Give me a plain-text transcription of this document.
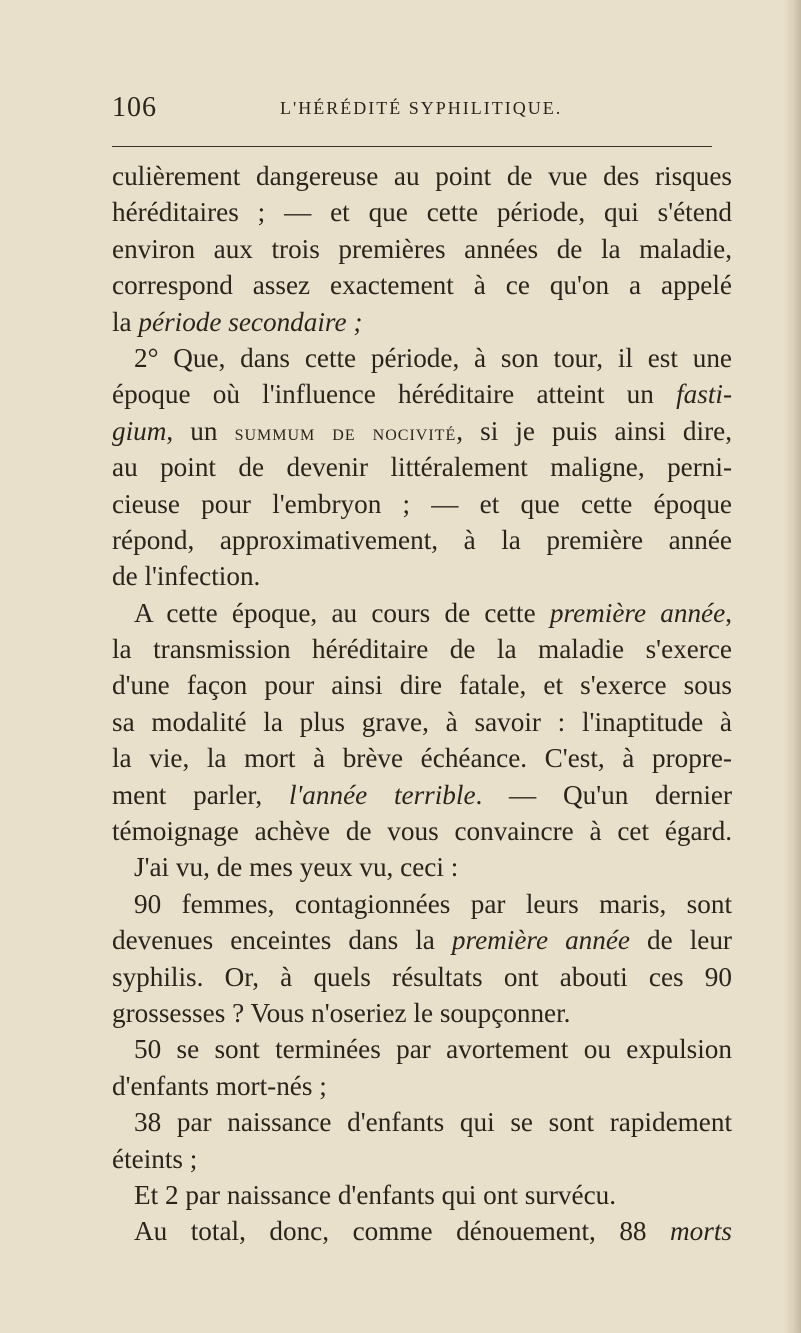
106	L'HÉRÉDITÉ SYPHILITIQUE.
culièrement dangereuse au point de vue des risques
héréditaires ; — et que cette période, qui s'étend
environ aux trois premières années de la maladie,
correspond assez exactement à ce qu'on a appelé
la période secondaire ;
2° Que, dans cette période, à son tour, il est une
époque où l'influence héréditaire atteint un fasti-
gium, un summum de nocivité, si je puis ainsi dire,
au point de devenir littéralement maligne, perni-
cieuse pour l'embryon ; — et que cette époque
répond, approximativement, à la première année
de l'infection.
A cette époque, au cours de cette première année,
la transmission héréditaire de la maladie s'exerce
d'une façon pour ainsi dire fatale, et s'exerce sous
sa modalité la plus grave, à savoir : l'inaptitude à
la vie, la mort à brève échéance. C'est, à propre-
ment parler, l'année terrible. — Qu'un dernier
témoignage achève de vous convaincre à cet égard.
J'ai vu, de mes yeux vu, ceci :
90 femmes, contagionnées par leurs maris, sont
devenues enceintes dans la première année de leur
syphilis. Or, à quels résultats ont abouti ces 90
grossesses ? Vous n'oseriez le soupçonner.
50 se sont terminées par avortement ou expulsion
d'enfants mort-nés ;
38 par naissance d'enfants qui se sont rapidement
éteints ;
Et 2 par naissance d'enfants qui ont survécu.
Au total, donc, comme dénouement, 88 morts
